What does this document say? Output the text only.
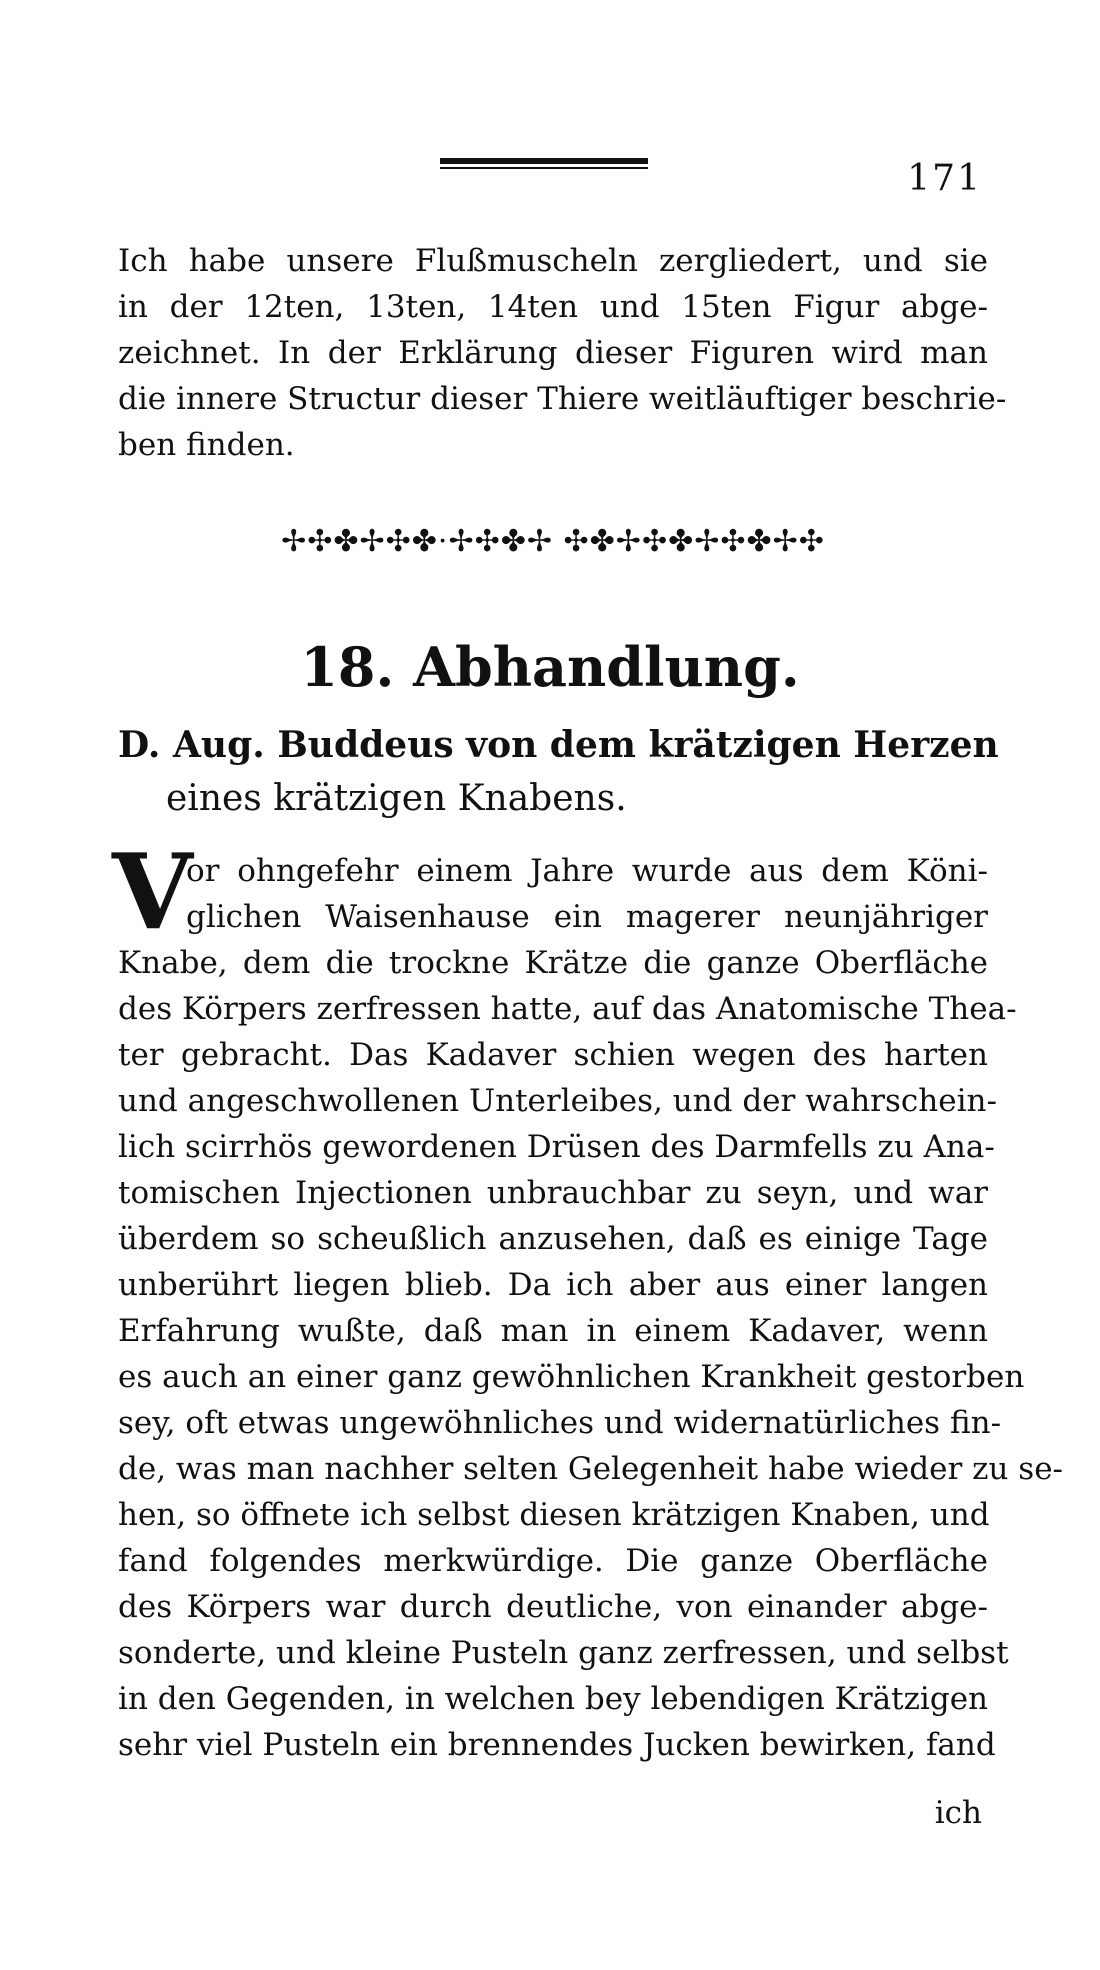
171
Ich habe unsere Flußmuscheln zergliedert, und sie
in der 12ten, 13ten, 14ten und 15ten Figur abge-
zeichnet. In der Erklärung dieser Figuren wird man
die innere Structur dieser Thiere weitläuftiger beschrie-
ben finden.
✢✣✤✢✣✤·✢✣✤✢ ✣✤✢✣✤✢✣✤✢✣
18. Abhandlung.
D. Aug. Buddeus von dem krätzigen Herzen
eines krätzigen Knabens.
V
or ohngefehr einem Jahre wurde aus dem Köni-
glichen Waisenhause ein magerer neunjähriger
Knabe, dem die trockne Krätze die ganze Oberfläche
des Körpers zerfressen hatte, auf das Anatomische Thea-
ter gebracht. Das Kadaver schien wegen des harten
und angeschwollenen Unterleibes, und der wahrschein-
lich scirrhös gewordenen Drüsen des Darmfells zu Ana-
tomischen Injectionen unbrauchbar zu seyn, und war
überdem so scheußlich anzusehen, daß es einige Tage
unberührt liegen blieb. Da ich aber aus einer langen
Erfahrung wußte, daß man in einem Kadaver, wenn
es auch an einer ganz gewöhnlichen Krankheit gestorben
sey, oft etwas ungewöhnliches und widernatürliches fin-
de, was man nachher selten Gelegenheit habe wieder zu se-
hen, so öffnete ich selbst diesen krätzigen Knaben, und
fand folgendes merkwürdige. Die ganze Oberfläche
des Körpers war durch deutliche, von einander abge-
sonderte, und kleine Pusteln ganz zerfressen, und selbst
in den Gegenden, in welchen bey lebendigen Krätzigen
sehr viel Pusteln ein brennendes Jucken bewirken, fand
ich
